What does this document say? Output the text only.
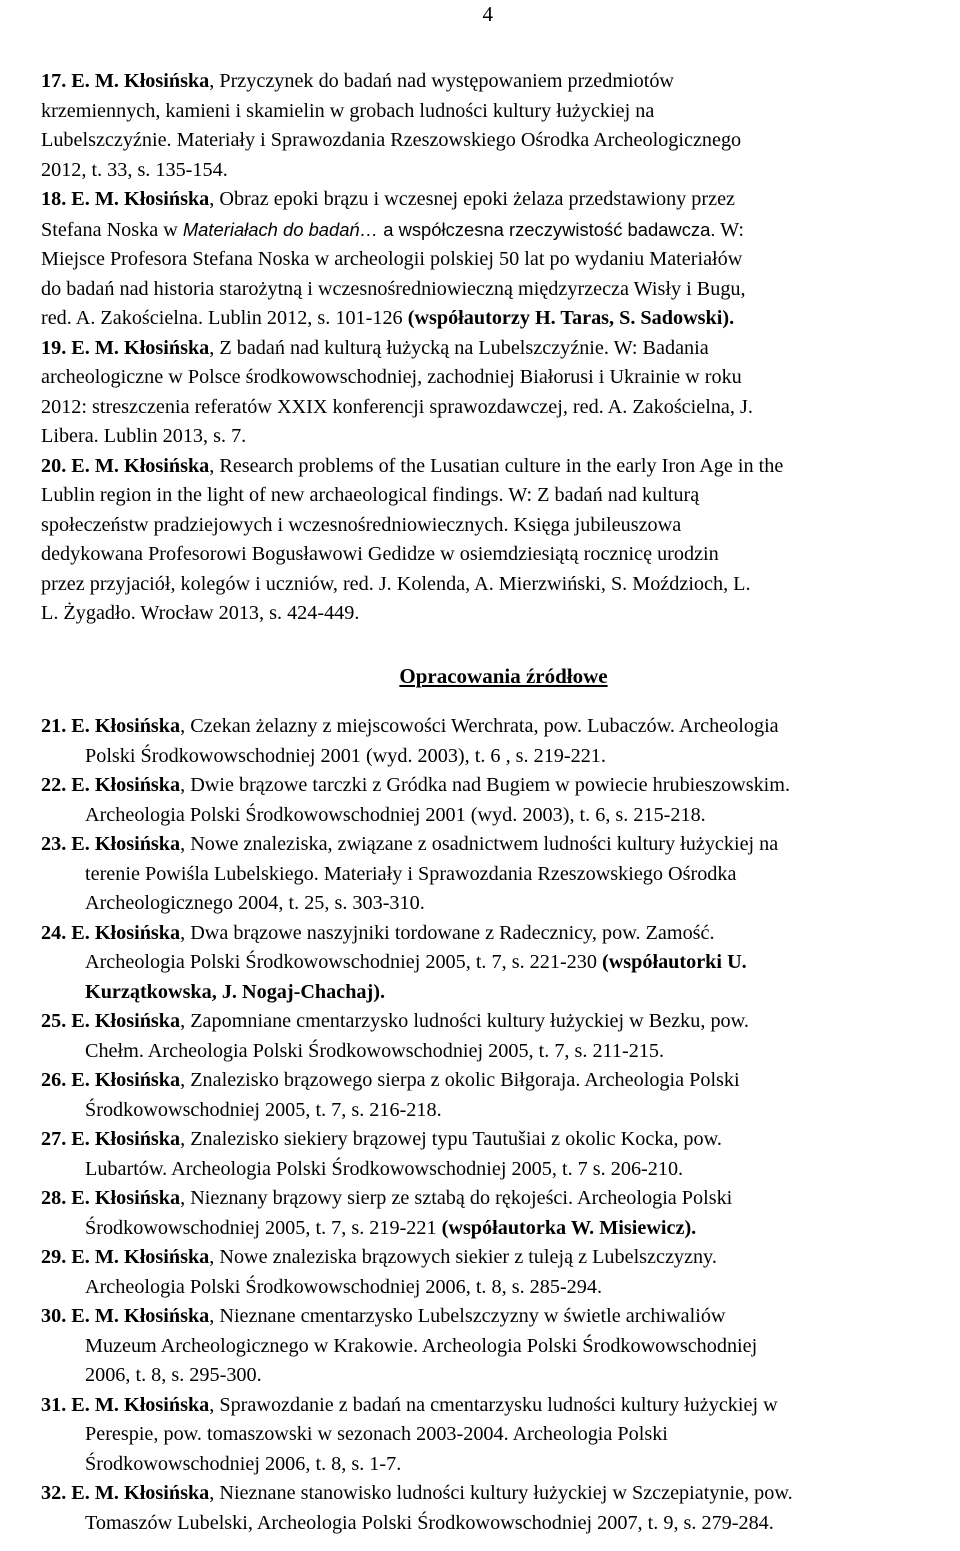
4
17. E. M. Kłosińska, Przyczynek do badań nad występowaniem przedmiotów
krzemiennych, kamieni i skamielin w grobach ludności kultury łużyckiej na
Lubelszczyźnie. Materiały i Sprawozdania Rzeszowskiego Ośrodka Archeologicznego
2012, t. 33, s. 135-154.
18. E. M. Kłosińska, Obraz epoki brązu i wczesnej epoki żelaza przedstawiony przez
Stefana Noska w Materiałach do badań… a współczesna rzeczywistość badawcza. W:
Miejsce Profesora Stefana Noska w archeologii polskiej 50 lat po wydaniu Materiałów
do badań nad historia starożytną i wczesnośredniowieczną międzyrzecza Wisły i Bugu,
red. A. Zakościelna. Lublin 2012, s. 101-126 (współautorzy H. Taras, S. Sadowski).
19. E. M. Kłosińska, Z badań nad kulturą łużycką na Lubelszczyźnie. W: Badania
archeologiczne w Polsce środkowowschodniej, zachodniej Białorusi i Ukrainie w roku
2012: streszczenia referatów XXIX konferencji sprawozdawczej, red. A. Zakościelna, J.
Libera. Lublin 2013, s. 7.
20. E. M. Kłosińska, Research problems of the Lusatian culture in the early Iron Age in the
Lublin region in the light of new archaeological findings. W: Z badań nad kulturą
społeczeństw pradziejowych i wczesnośredniowiecznych. Księga jubileuszowa
dedykowana Profesorowi Bogusławowi Gedidze w osiemdziesiątą rocznicę urodzin
przez przyjaciół, kolegów i uczniów, red. J. Kolenda, A. Mierzwiński, S. Moździoch, L.
L. Żygadło. Wrocław 2013, s. 424-449.
Opracowania źródłowe
21. E. Kłosińska, Czekan żelazny z miejscowości Werchrata, pow. Lubaczów. Archeologia
Polski Środkowowschodniej 2001 (wyd. 2003), t. 6 , s. 219-221.
22. E. Kłosińska, Dwie brązowe tarczki z Gródka nad Bugiem w powiecie hrubieszowskim.
Archeologia Polski Środkowowschodniej 2001 (wyd. 2003), t. 6, s. 215-218.
23. E. Kłosińska, Nowe znaleziska, związane z osadnictwem ludności kultury łużyckiej na
terenie Powiśla Lubelskiego. Materiały i Sprawozdania Rzeszowskiego Ośrodka
Archeologicznego 2004, t. 25, s. 303-310.
24. E. Kłosińska, Dwa brązowe naszyjniki tordowane z Radecznicy, pow. Zamość.
Archeologia Polski Środkowowschodniej 2005, t. 7, s. 221-230 (współautorki U.
Kurzątkowska, J. Nogaj-Chachaj).
25. E. Kłosińska, Zapomniane cmentarzysko ludności kultury łużyckiej w Bezku, pow.
Chełm. Archeologia Polski Środkowowschodniej 2005, t. 7, s. 211-215.
26. E. Kłosińska, Znalezisko brązowego sierpa z okolic Biłgoraja. Archeologia Polski
Środkowowschodniej 2005, t. 7, s. 216-218.
27. E. Kłosińska, Znalezisko siekiery brązowej typu Tautušiai z okolic Kocka, pow.
Lubartów. Archeologia Polski Środkowowschodniej 2005, t. 7 s. 206-210.
28. E. Kłosińska, Nieznany brązowy sierp ze sztabą do rękojeści. Archeologia Polski
Środkowowschodniej 2005, t. 7, s. 219-221 (współautorka W. Misiewicz).
29. E. M. Kłosińska, Nowe znaleziska brązowych siekier z tuleją z Lubelszczyzny.
Archeologia Polski Środkowowschodniej 2006, t. 8, s. 285-294.
30. E. M. Kłosińska, Nieznane cmentarzysko Lubelszczyzny w świetle archiwaliów
Muzeum Archeologicznego w Krakowie. Archeologia Polski Środkowowschodniej
2006, t. 8, s. 295-300.
31. E. M. Kłosińska, Sprawozdanie z badań na cmentarzysku ludności kultury łużyckiej w
Perespie, pow. tomaszowski w sezonach 2003-2004. Archeologia Polski
Środkowowschodniej 2006, t. 8, s. 1-7.
32. E. M. Kłosińska, Nieznane stanowisko ludności kultury łużyckiej w Szczepiatynie, pow.
Tomaszów Lubelski, Archeologia Polski Środkowowschodniej 2007, t. 9, s. 279-284.
